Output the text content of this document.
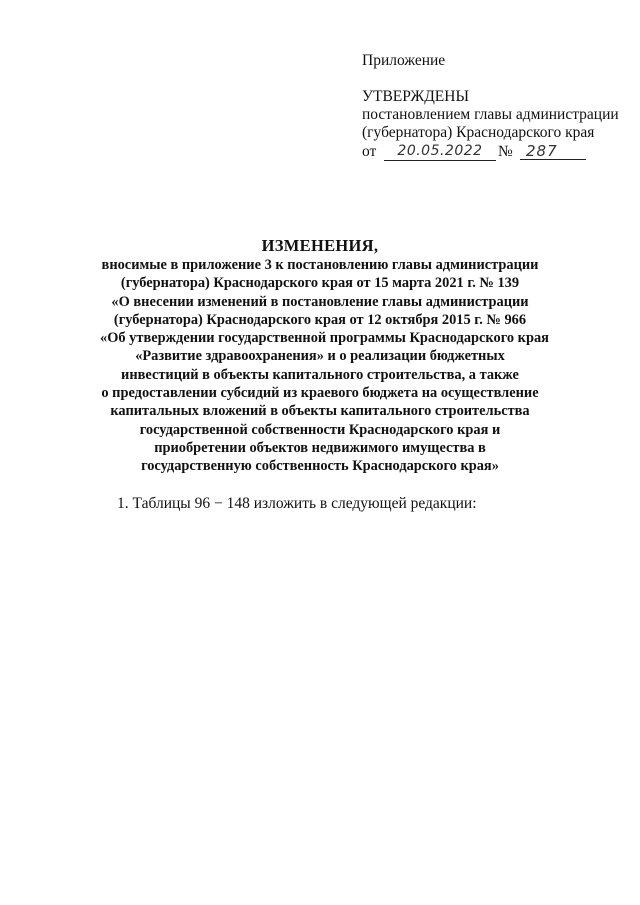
Приложение
УТВЕРЖДЕНЫ
постановлением главы администрации
(губернатора) Краснодарского края
от	20.05.2022 № 287
ИЗМЕНЕНИЯ,
вносимые в приложение 3 к постановлению главы администрации
(губернатора) Краснодарского края от 15 марта 2021 г. № 139
«О внесении изменений в постановление главы администрации
(губернатора) Краснодарского края от 12 октября 2015 г. № 966
«Об утверждении государственной программы Краснодарского края
«Развитие здравоохранения» и о реализации бюджетных
инвестиций в объекты капитального строительства, а также
о предоставлении субсидий из краевого бюджета на осуществление
капитальных вложений в объекты капитального строительства
государственной собственности Краснодарского края и
приобретении объектов недвижимого имущества в
государственную собственность Краснодарского края»
1. Таблицы 96 − 148 изложить в следующей редакции:
